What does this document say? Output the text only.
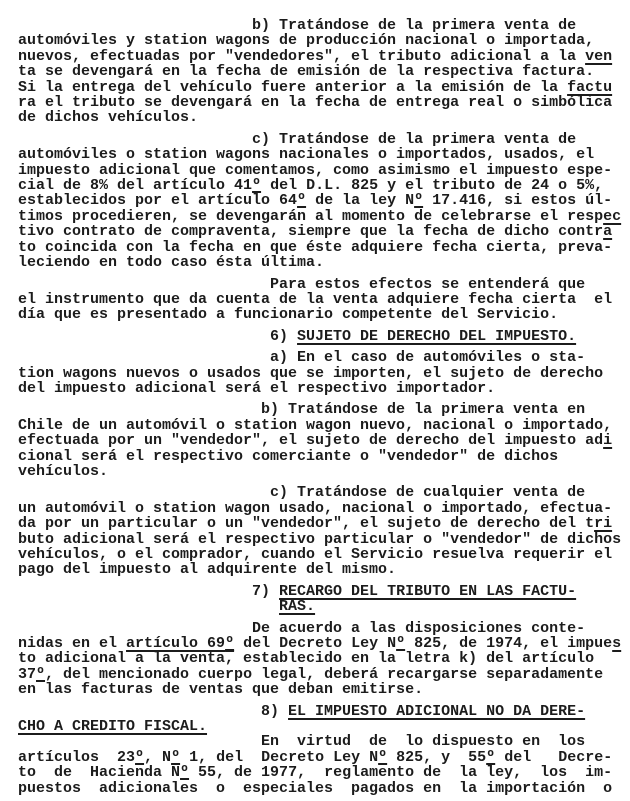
b) Tratándose de la primera venta de
automóviles y station wagons de producción nacional o importada,
nuevos, efectuadas por "vendedores", el tributo adicional a la ven
ta se devengará en la fecha de emisión de la respectiva factura.
Si la entrega del vehículo fuere anterior a la emisión de la factu
ra el tributo se devengará en la fecha de entrega real o simbólica
de dichos vehículos.
c) Tratándose de la primera venta de
automóviles o station wagons nacionales o importados, usados, el
impuesto adicional que comentamos, como asimismo el impuesto espe-
cial de 8% del artículo 41º del D.L. 825 y el tributo de 24 o 5%,
establecidos por el artículo 64º de la ley Nº 17.416, si estos úl-
timos procedieren, se devengarán al momento de celebrarse el respec
tivo contrato de compraventa, siempre que la fecha de dicho contra
to coincida con la fecha en que éste adquiere fecha cierta, preva-
leciendo en todo caso ésta última.
Para estos efectos se entenderá que
el instrumento que da cuenta de la venta adquiere fecha cierta  el
día que es presentado a funcionario competente del Servicio.
6) SUJETO DE DERECHO DEL IMPUESTO.
a) En el caso de automóviles o sta-
tion wagons nuevos o usados que se importen, el sujeto de derecho
del impuesto adicional será el respectivo importador.
b) Tratándose de la primera venta en
Chile de un automóvil o station wagon nuevo, nacional o importado,
efectuada por un "vendedor", el sujeto de derecho del impuesto adi
cional será el respectivo comerciante o "vendedor" de dichos
vehículos.
c) Tratándose de cualquier venta de
un automóvil o station wagon usado, nacional o importado, efectua-
da por un particular o un "vendedor", el sujeto de derecho del tri
buto adicional será el respectivo particular o "vendedor" de dichos
vehículos, o el comprador, cuando el Servicio resuelva requerir el
pago del impuesto al adquirente del mismo.
7) RECARGO DEL TRIBUTO EN LAS FACTU-
RAS.
De acuerdo a las disposiciones conte-
nidas en el artículo 69º del Decreto Ley Nº 825, de 1974, el impues
to adicional a la venta, establecido en la letra k) del artículo
37º, del mencionado cuerpo legal, deberá recargarse separadamente
en las facturas de ventas que deban emitirse.
8) EL IMPUESTO ADICIONAL NO DA DERE-
CHO A CREDITO FISCAL.
En  virtud  de  lo dispuesto en  los
artículos  23º, Nº 1, del  Decreto Ley Nº 825, y  55º del   Decre-
to  de  Hacienda Nº 55, de 1977,  reglamento de  la ley,  los  im-
puestos  adicionales  o  especiales  pagados en  la importación  o
